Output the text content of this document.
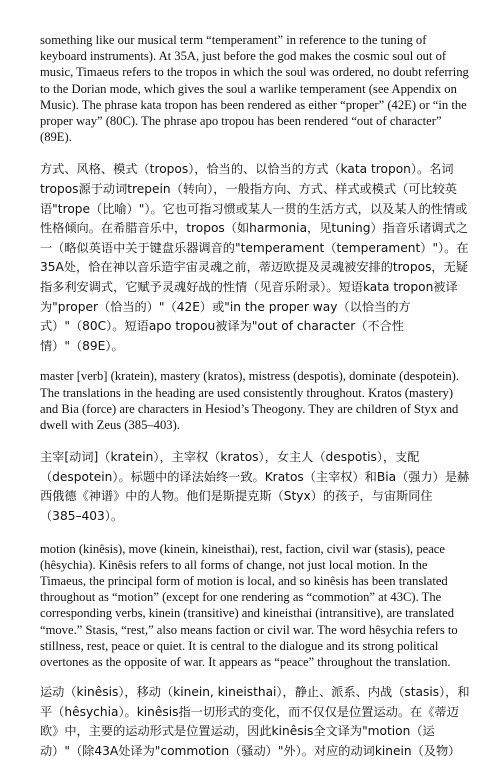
something like our musical term “temperament” in reference to the tuning of keyboard instruments). At 35A, just before the god makes the cosmic soul out of music, Timaeus refers to the tropos in which the soul was ordered, no doubt referring to the Dorian mode, which gives the soul a warlike temperament (see Appendix on Music). The phrase kata tropon has been rendered as either “proper” (42E) or “in the proper way” (80C). The phrase apo tropou has been rendered “out of character” (89E).

方式、风格、模式（tropos），恰当的、以恰当的方式（kata tropon）。名词tropos源于动词trepein（转向），一般指方向、方式、样式或模式（可比较英语"trope（比喻）"）。它也可指习惯或某人一贯的生活方式，以及某人的性情或性格倾向。在希腊音乐中，tropos（如harmonia，见tuning）指音乐诸调式之一（略似英语中关于键盘乐器调音的"temperament（temperament）"）。在35A处，恰在神以音乐造宇宙灵魂之前，蒂迈欧提及灵魂被安排的tropos，无疑指多利安调式，它赋予灵魂好战的性情（见音乐附录）。短语kata tropon被译为"proper（恰当的）"（42E）或"in the proper way（以恰当的方式）"（80C）。短语apo tropou被译为"out of character（不合性情）"（89E）。

master [verb] (kratein), mastery (kratos), mistress (despotis), dominate (despotein). The translations in the heading are used consistently throughout. Kratos (mastery) and Bia (force) are characters in Hesiod’s Theogony. They are children of Styx and dwell with Zeus (385–403).

主宰[动词]（kratein），主宰权（kratos），女主人（despotis），支配（despotein）。标题中的译法始终一致。Kratos（主宰权）和Bia（强力）是赫西俄德《神谱》中的人物。他们是斯提克斯（Styx）的孩子，与宙斯同住（385–403）。

motion (kinêsis), move (kinein, kineisthai), rest, faction, civil war (stasis), peace (hêsychia). Kinêsis refers to all forms of change, not just local motion. In the Timaeus, the principal form of motion is local, and so kinêsis has been translated throughout as “motion” (except for one rendering as “commotion” at 43C). The corresponding verbs, kinein (transitive) and kineisthai (intransitive), are translated “move.” Stasis, “rest,” also means faction or civil war. The word hêsychia refers to stillness, rest, peace or quiet. It is central to the dialogue and its strong political overtones as the opposite of war. It appears as “peace” throughout the translation.

运动（kinêsis），移动（kinein, kineisthai），静止、派系、内战（stasis），和平（hêsychia）。kinêsis指一切形式的变化，而不仅仅是位置运动。在《蒂迈欧》中，主要的运动形式是位置运动，因此kinêsis全文译为"motion（运动）"（除43A处译为"commotion（骚动）"外）。对应的动词kinein（及物）
